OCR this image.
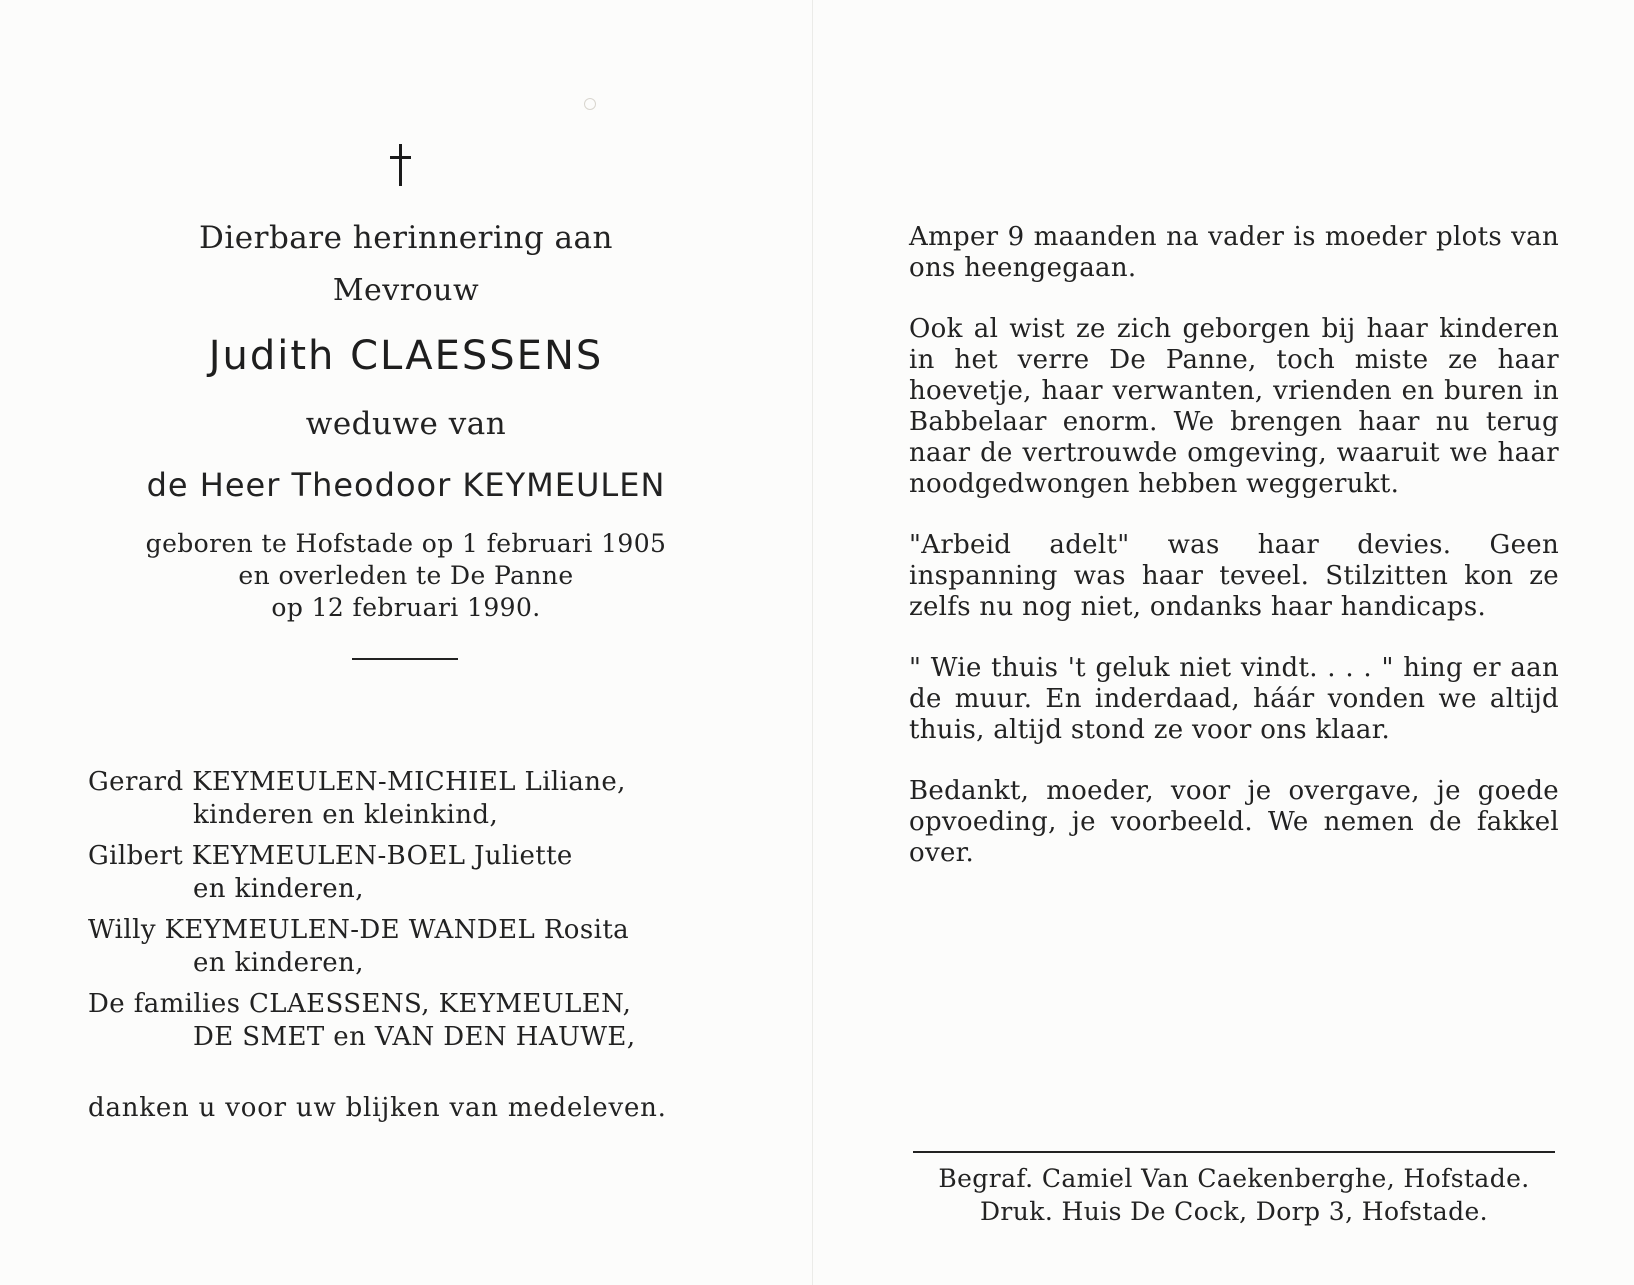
Dierbare herinnering aan
Mevrouw
Judith CLAESSENS
weduwe van
de Heer Theodoor KEYMEULEN
geboren te Hofstade op 1 februari 1905
en overleden te De Panne
op 12 februari 1990.
Gerard KEYMEULEN-MICHIEL Liliane,
kinderen en kleinkind,
Gilbert KEYMEULEN-BOEL Juliette
en kinderen,
Willy KEYMEULEN-DE WANDEL Rosita
en kinderen,
De families CLAESSENS, KEYMEULEN,
DE SMET en VAN DEN HAUWE,
danken u voor uw blijken van medeleven.

Amper 9 maanden na vader is moeder plots van ons heengegaan.

Ook al wist ze zich geborgen bij haar kinderen in het verre De Panne, toch miste ze haar hoevetje, haar verwanten, vrienden en buren in Babbelaar enorm. We brengen haar nu terug naar de vertrouwde omgeving, waaruit we haar noodgedwongen hebben weggerukt.

"Arbeid adelt" was haar devies. Geen inspanning was haar teveel. Stilzitten kon ze zelfs nu nog niet, ondanks haar handicaps.

" Wie thuis 't geluk niet vindt. . . . " hing er aan de muur. En inderdaad, háár vonden we altijd thuis, altijd stond ze voor ons klaar.

Bedankt, moeder, voor je overgave, je goede opvoeding, je voorbeeld. We nemen de fakkel over.

Begraf. Camiel Van Caekenberghe, Hofstade.
Druk. Huis De Cock, Dorp 3, Hofstade.
